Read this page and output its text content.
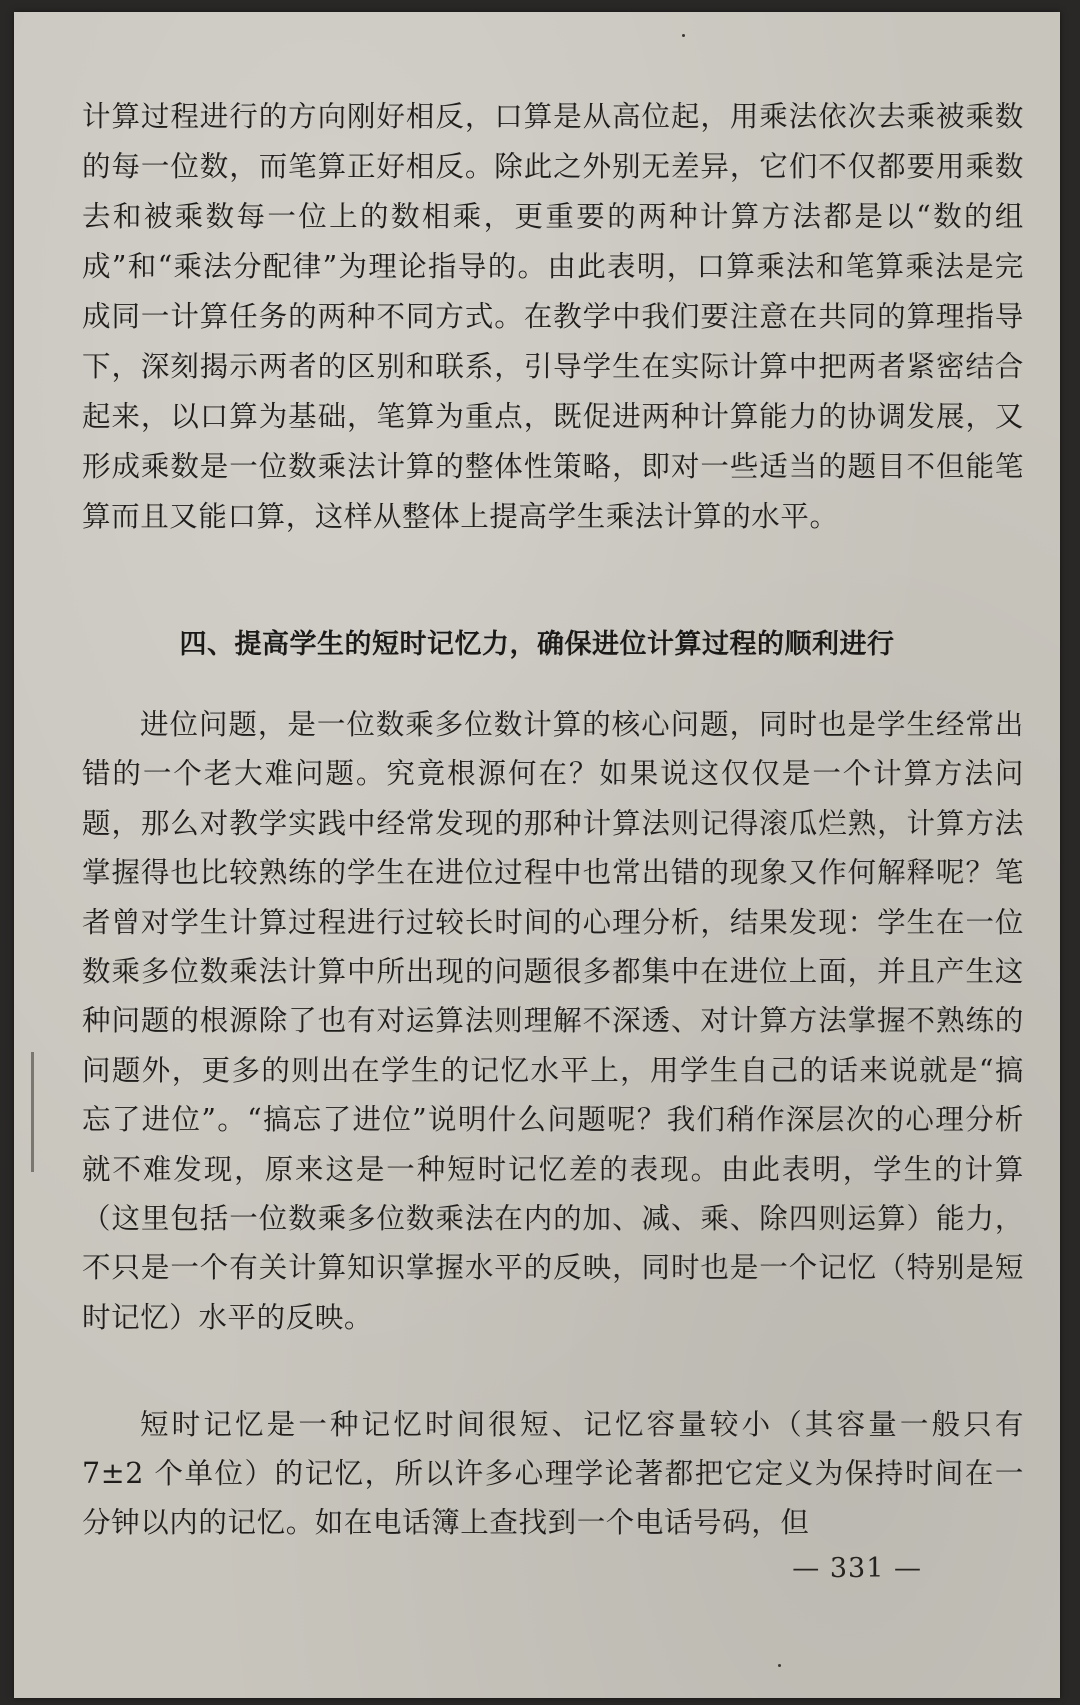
计算过程进行的方向刚好相反，口算是从高位起，用乘法依次去乘被乘数的每一位数，而笔算正好相反。除此之外别无差异，它们不仅都要用乘数去和被乘数每一位上的数相乘，更重要的两种计算方法都是以“数的组成”和“乘法分配律”为理论指导的。由此表明，口算乘法和笔算乘法是完成同一计算任务的两种不同方式。在教学中我们要注意在共同的算理指导下，深刻揭示两者的区别和联系，引导学生在实际计算中把两者紧密结合起来，以口算为基础，笔算为重点，既促进两种计算能力的协调发展，又形成乘数是一位数乘法计算的整体性策略，即对一些适当的题目不但能笔算而且又能口算，这样从整体上提高学生乘法计算的水平。
四、提高学生的短时记忆力，确保进位计算过程的顺利进行
进位问题，是一位数乘多位数计算的核心问题，同时也是学生经常出错的一个老大难问题。究竟根源何在？如果说这仅仅是一个计算方法问题，那么对教学实践中经常发现的那种计算法则记得滚瓜烂熟，计算方法掌握得也比较熟练的学生在进位过程中也常出错的现象又作何解释呢？笔者曾对学生计算过程进行过较长时间的心理分析，结果发现：学生在一位数乘多位数乘法计算中所出现的问题很多都集中在进位上面，并且产生这种问题的根源除了也有对运算法则理解不深透、对计算方法掌握不熟练的问题外，更多的则出在学生的记忆水平上，用学生自己的话来说就是“搞忘了进位”。“搞忘了进位”说明什么问题呢？我们稍作深层次的心理分析就不难发现，原来这是一种短时记忆差的表现。由此表明，学生的计算（这里包括一位数乘多位数乘法在内的加、减、乘、除四则运算）能力，不只是一个有关计算知识掌握水平的反映，同时也是一个记忆（特别是短时记忆）水平的反映。
短时记忆是一种记忆时间很短、记忆容量较小（其容量一般只有 7±2 个单位）的记忆，所以许多心理学论著都把它定义为保持时间在一分钟以内的记忆。如在电话簿上查找到一个电话号码，但
— 331 —
